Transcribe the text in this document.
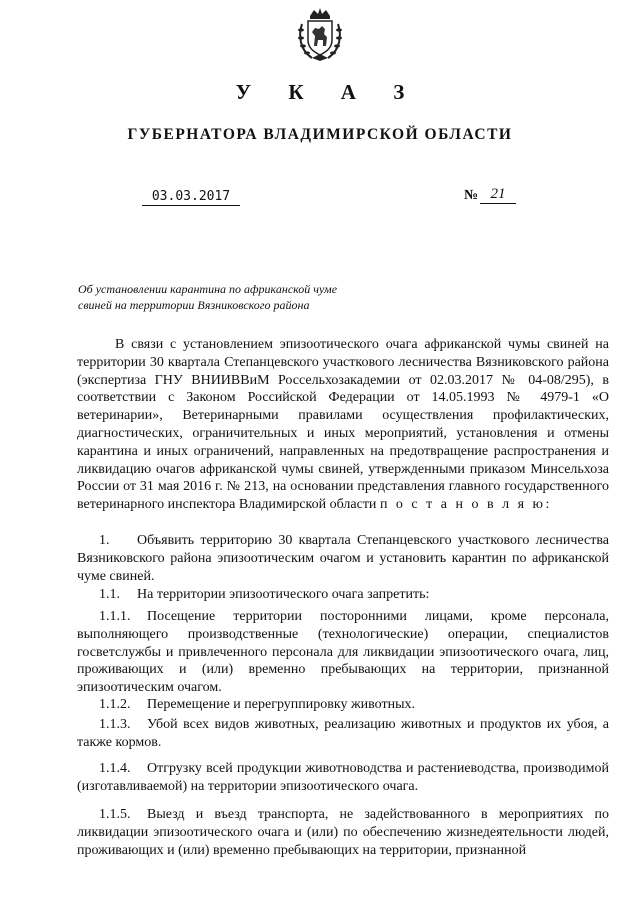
У К А З
ГУБЕРНАТОРА ВЛАДИМИРСКОЙ ОБЛАСТИ
03.03.2017	№ 21
Об установлении карантина по африканской чуме
свиней на территории Вязниковского района

В связи с установлением эпизоотического очага африканской чумы свиней на территории 30 квартала Степанцевского участкового лесничества Вязниковского района (экспертиза ГНУ ВНИИВВиМ Россельхозакадемии от 02.03.2017 № 04-08/295), в соответствии с Законом Российской Федерации от 14.05.1993 № 4979-1 «О ветеринарии», Ветеринарными правилами осуществления профилактических, диагностических, ограничительных и иных мероприятий, установления и отмены карантина и иных ограничений, направленных на предотвращение распространения и ликвидацию очагов африканской чумы свиней, утвержденными приказом Минсельхоза России от 31 мая 2016 г. № 213, на основании представления главного государственного ветеринарного инспектора Владимирской области п о с т а н о в л я ю:

1. Объявить территорию 30 квартала Степанцевского участкового лесничества Вязниковского района эпизоотическим очагом и установить карантин по африканской чуме свиней.
1.1. На территории эпизоотического очага запретить:
1.1.1. Посещение территории посторонними лицами, кроме персонала, выполняющего производственные (технологические) операции, специалистов госветслужбы и привлеченного персонала для ликвидации эпизоотического очага, лиц, проживающих и (или) временно пребывающих на территории, признанной эпизоотическим очагом.
1.1.2. Перемещение и перегруппировку животных.
1.1.3. Убой всех видов животных, реализацию животных и продуктов их убоя, а также кормов.
1.1.4. Отгрузку всей продукции животноводства и растениеводства, производимой (изготавливаемой) на территории эпизоотического очага.
1.1.5. Выезд и въезд транспорта, не задействованного в мероприятиях по ликвидации эпизоотического очага и (или) по обеспечению жизнедеятельности людей, проживающих и (или) временно пребывающих на территории, признанной
